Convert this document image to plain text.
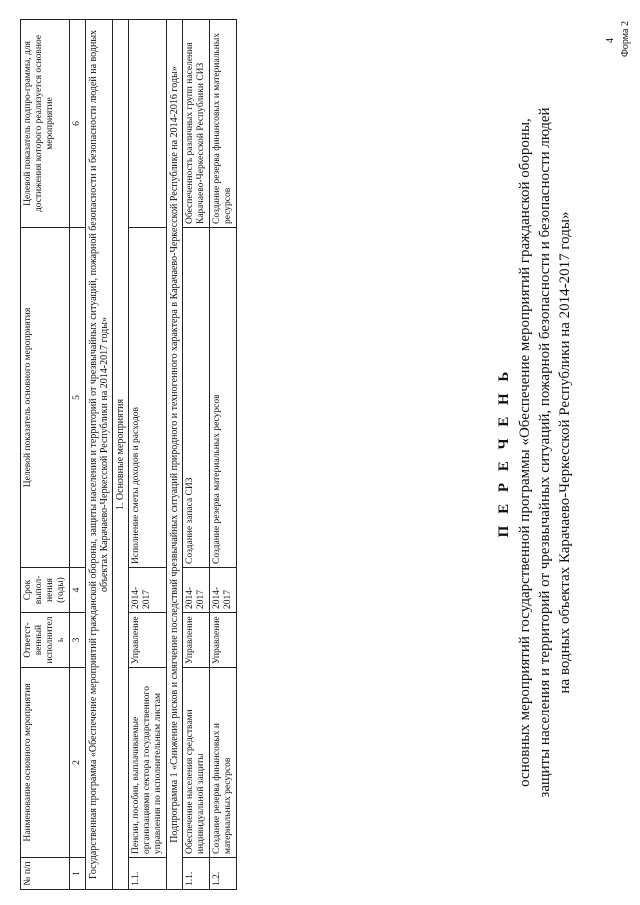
4 Форма 2
№ п/п	Наименование основного мероприятия	Ответст-венный исполнитель	Срок выпол-нения (годы)	Целевой показатель основного мероприятия	Целевой показатель подпро-граммы, для достижения которого реализуется основное мероприятие
1	2	3	4	5	6
Государственная программа «Обеспечение мероприятий гражданской обороны, защиты населения и территорий от чрезвычайных ситуаций, пожарной безопасности и безопасности людей на водных объектах Карачаево-Черкесской Республики на 2014-2017 годы»					
1. Основные мероприятия					
1.1.	Пенсии, пособия, выплачиваемые организациями сектора государственного управления по исполнительным листам	Управление	2014-2017	Исполнение сметы доходов и расходов	
Подпрограмма 1 «Снижение рисков и смягчение последствий чрезвычайных ситуаций природного и техногенного характера в Карачаево-Черкесской Республике на 2014-2016 годы»					
1.1.	Обеспечение населения средствами индивидуальной защиты	Управление	2014-2017	Создание запаса СИЗ	Обеспеченность различных групп населения Карачаево-Черкесской Республики СИЗ
1.2.	Создание резерва финансовых и материальных ресурсов	Управление	2014-2017	Создание резерва материальных ресурсов	Создание резерва финансовых и материальных ресурсов
П Е Р Е Ч Е Н Ь основных мероприятий государственной программы «Обеспечение мероприятий гражданской обороны, защиты населения и территорий от чрезвычайных ситуаций, пожарной безопасности и безопасности людей на водных объектах Карачаево-Черкесской Республики на 2014-2017 годы»
